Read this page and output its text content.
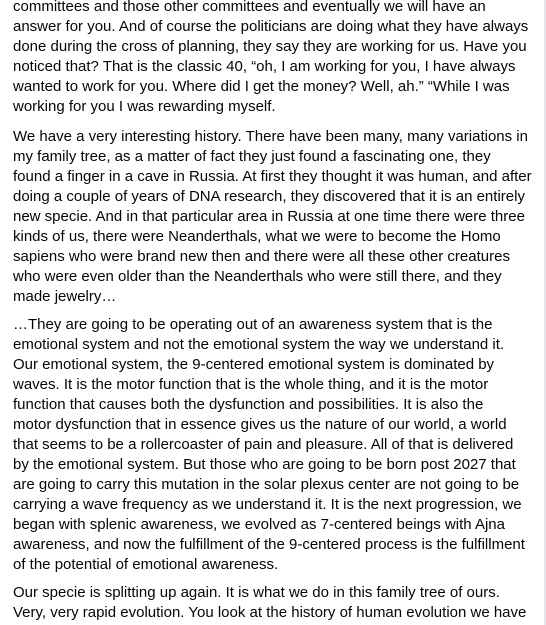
committees and those other committees and eventually we will have an
answer for you. And of course the politicians are doing what they have always
done during the cross of planning, they say they are working for us. Have you
noticed that? That is the classic 40, “oh, I am working for you, I have always
wanted to work for you. Where did I get the money? Well, ah.” “While I was
working for you I was rewarding myself.

We have a very interesting history. There have been many, many variations in
my family tree, as a matter of fact they just found a fascinating one, they
found a finger in a cave in Russia. At first they thought it was human, and after
doing a couple of years of DNA research, they discovered that it is an entirely
new specie. And in that particular area in Russia at one time there were three
kinds of us, there were Neanderthals, what we were to become the Homo
sapiens who were brand new then and there were all these other creatures
who were even older than the Neanderthals who were still there, and they
made jewelry…

…They are going to be operating out of an awareness system that is the
emotional system and not the emotional system the way we understand it.
Our emotional system, the 9-centered emotional system is dominated by
waves. It is the motor function that is the whole thing, and it is the motor
function that causes both the dysfunction and possibilities. It is also the
motor dysfunction that in essence gives us the nature of our world, a world
that seems to be a rollercoaster of pain and pleasure. All of that is delivered
by the emotional system. But those who are going to be born post 2027 that
are going to carry this mutation in the solar plexus center are not going to be
carrying a wave frequency as we understand it. It is the next progression, we
began with splenic awareness, we evolved as 7-centered beings with Ajna
awareness, and now the fulfillment of the 9-centered process is the fulfillment
of the potential of emotional awareness.

Our specie is splitting up again. It is what we do in this family tree of ours.
Very, very rapid evolution. You look at the history of human evolution we have
